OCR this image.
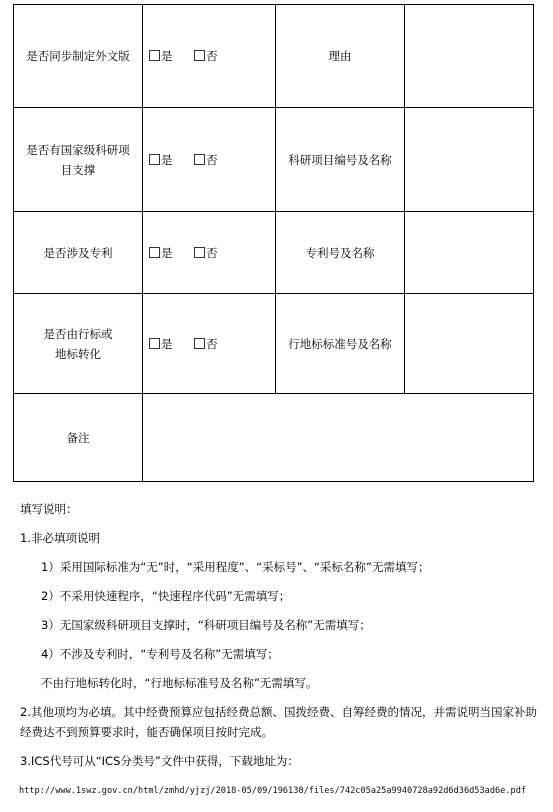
是否同步制定外文版	是 否	理由	

是否有国家级科研项目支撑	是 否	科研项目编号及名称	
是否涉及专利	是 否	专利号及名称	

是否由行标或地标转化	是 否	行地标标准号及名称	
备注			

填写说明：

1.非必填项说明

1）采用国际标准为“无”时，“采用程度”、“采标号”、“采标名称”无需填写；

2）不采用快速程序，“快速程序代码”无需填写；

3）无国家级科研项目支撑时，“科研项目编号及名称”无需填写；

4）不涉及专利时，“专利号及名称”无需填写；

不由行地标转化时，“行地标标准号及名称”无需填写。

2.其他项均为必填。其中经费预算应包括经费总额、国拨经费、自筹经费的情况，并需说明当国家补助经费达不到预算要求时，能否确保项目按时完成。

3.ICS代号可从“ICS分类号”文件中获得，下载地址为：

http://www.1swz.gov.cn/html/zmhd/yjzj/2018-05/09/196138/files/742c05a25a9940728a92d6d36d53ad6e.pdf
